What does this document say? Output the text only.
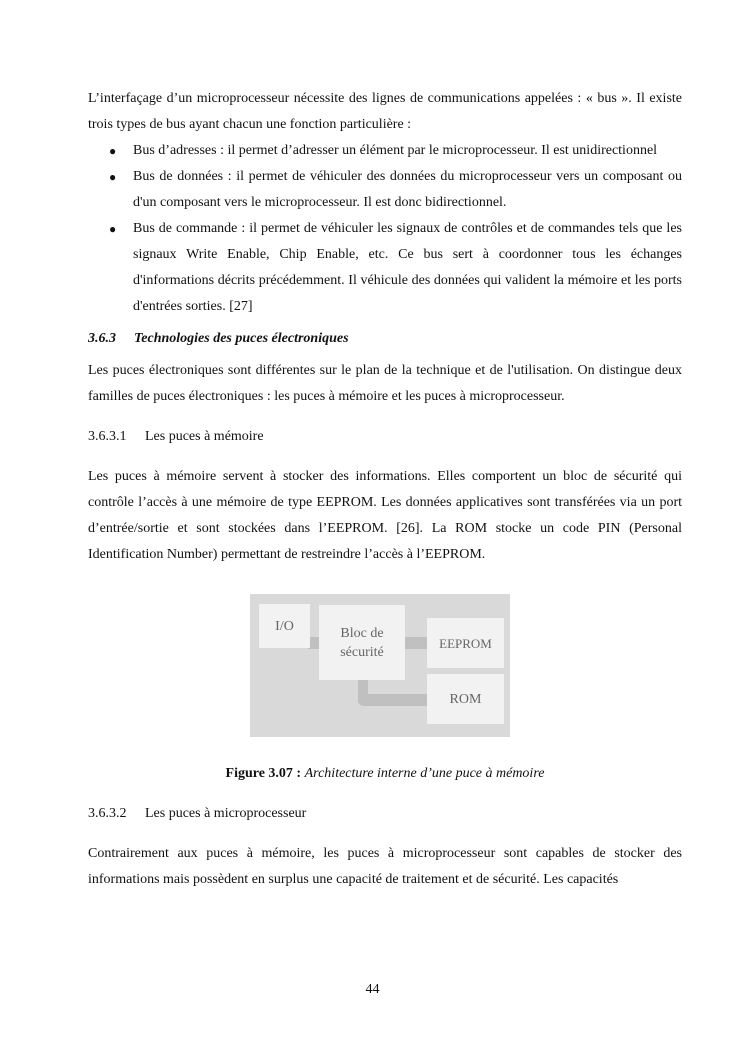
L’interfaçage d’un microprocesseur nécessite des lignes de communications appelées : « bus ». Il existe trois types de bus ayant chacun une fonction particulière :

● Bus d’adresses : il permet d’adresser un élément par le microprocesseur. Il est unidirectionnel
● Bus de données : il permet de véhiculer des données du microprocesseur vers un composant ou d'un composant vers le microprocesseur. Il est donc bidirectionnel.
● Bus de commande : il permet de véhiculer les signaux de contrôles et de commandes tels que les signaux Write Enable, Chip Enable, etc. Ce bus sert à coordonner tous les échanges d'informations décrits précédemment. Il véhicule des données qui valident la mémoire et les ports d'entrées sorties. [27]
3.6.3 Technologies des puces électroniques

Les puces électroniques sont différentes sur le plan de la technique et de l'utilisation. On distingue deux familles de puces électroniques : les puces à mémoire et les puces à microprocesseur.

3.6.3.1 Les puces à mémoire

Les puces à mémoire servent à stocker des informations. Elles comportent un bloc de sécurité qui contrôle l’accès à une mémoire de type EEPROM. Les données applicatives sont transférées via un port d’entrée/sortie et sont stockées dans l’EEPROM. [26]. La ROM stocke un code PIN (Personal Identification Number) permettant de restreindre l’accès à l’EEPROM.

I/O	Bloc de
sécurité
EEPROM
ROM
Figure 3.07 : Architecture interne d’une puce à mémoire
3.6.3.2 Les puces à microprocesseur

Contrairement aux puces à mémoire, les puces à microprocesseur sont capables de stocker des informations mais possèdent en surplus une capacité de traitement et de sécurité. Les capacités

44
